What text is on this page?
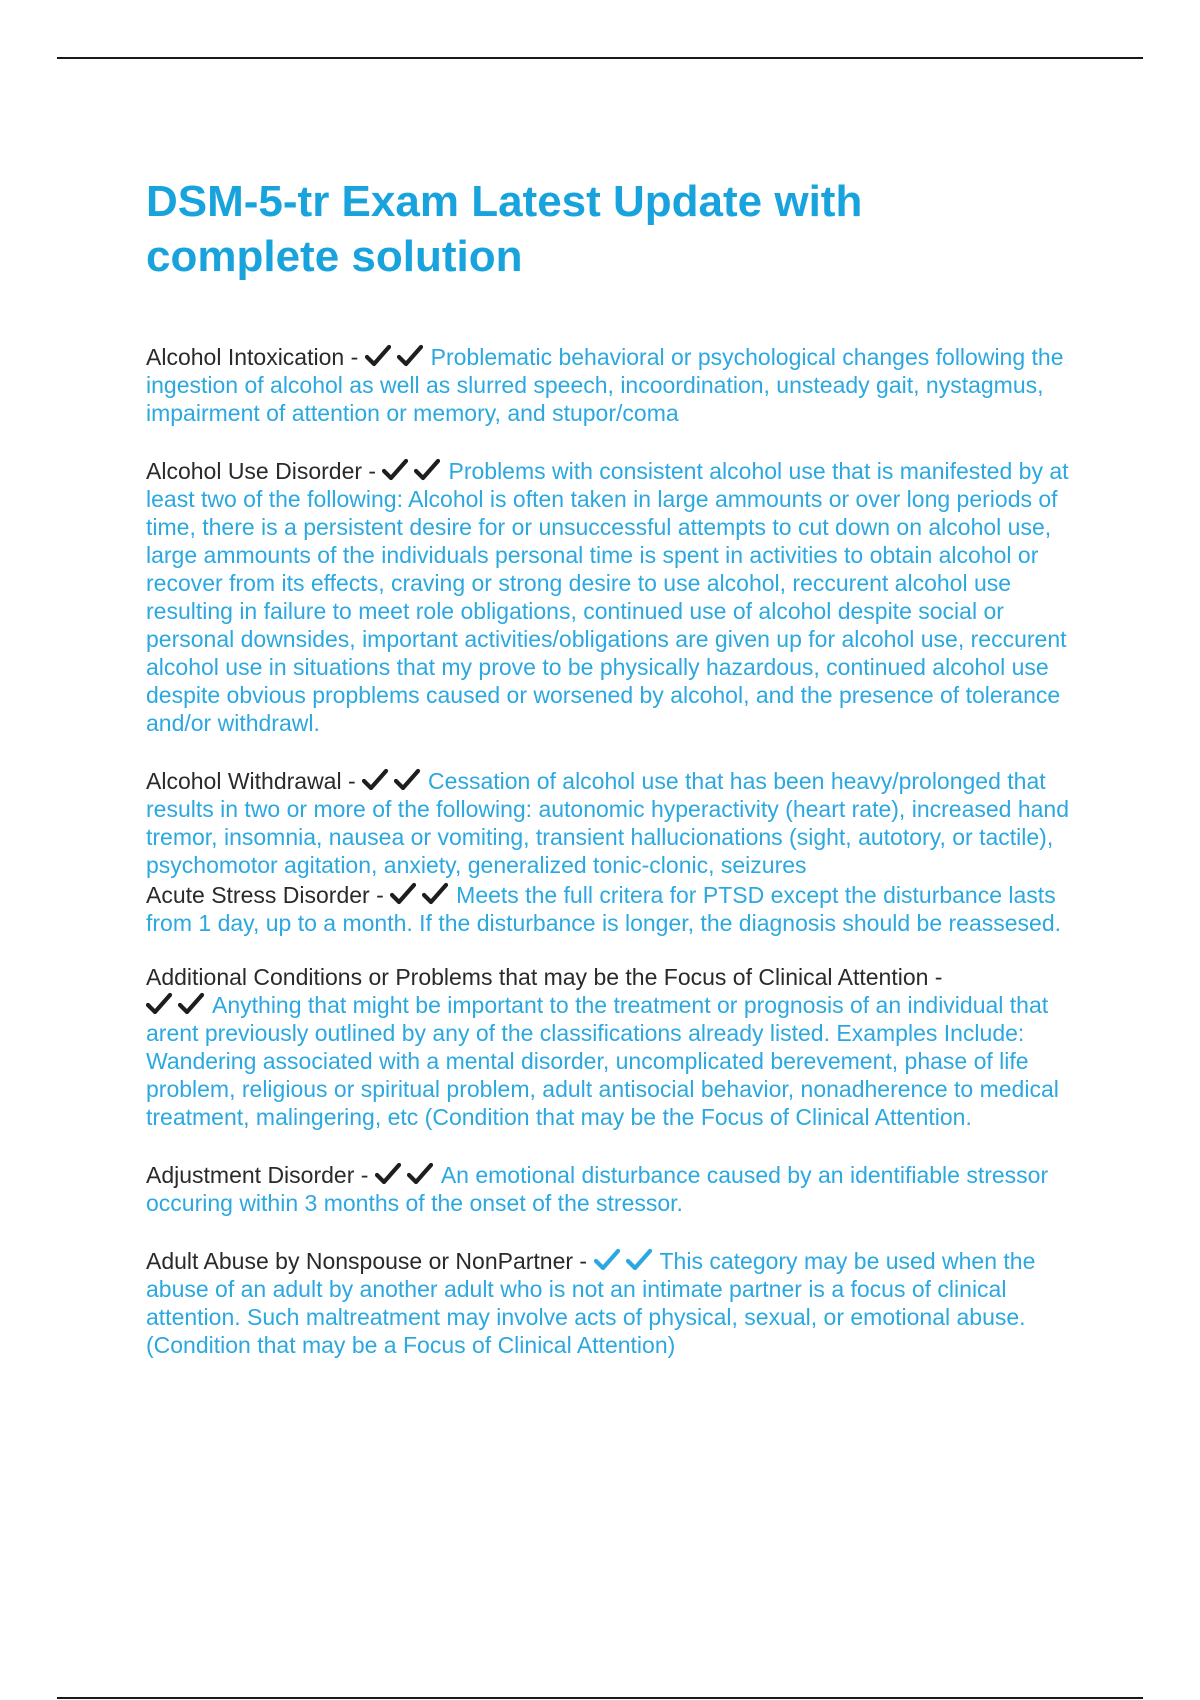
DSM-5-tr Exam Latest Update with complete solution

Alcohol Intoxication -	Problematic behavioral or psychological changes following the ingestion of alcohol as well as slurred speech, incoordination, unsteady gait, nystagmus, impairment of attention or memory, and stupor/coma

Alcohol Use Disorder -	Problems with consistent alcohol use that is manifested by at least two of the following: Alcohol is often taken in large ammounts or over long periods of time, there is a persistent desire for or unsuccessful attempts to cut down on alcohol use, large ammounts of the individuals personal time is spent in activities to obtain alcohol or recover from its effects, craving or strong desire to use alcohol, reccurent alcohol use resulting in failure to meet role obligations, continued use of alcohol despite social or personal downsides, important activities/obligations are given up for alcohol use, reccurent alcohol use in situations that my prove to be physically hazardous, continued alcohol use despite obvious propblems caused or worsened by alcohol, and the presence of tolerance and/or withdrawl.

Alcohol Withdrawal -	Cessation of alcohol use that has been heavy/prolonged that results in two or more of the following: autonomic hyperactivity (heart rate), increased hand tremor, insomnia, nausea or vomiting, transient hallucionations (sight, autotory, or tactile), psychomotor agitation, anxiety, generalized tonic-clonic, seizures

Acute Stress Disorder -	Meets the full critera for PTSD except the disturbance lasts from 1 day, up to a month. If the disturbance is longer, the diagnosis should be reassesed.

Additional Conditions or Problems that may be the Focus of Clinical Attention -

Anything that might be important to the treatment or prognosis of an individual that arent previously outlined by any of the classifications already listed. Examples Include: Wandering associated with a mental disorder, uncomplicated berevement, phase of life problem, religious or spiritual problem, adult antisocial behavior, nonadherence to medical treatment, malingering, etc (Condition that may be the Focus of Clinical Attention.

Adjustment Disorder -	An emotional disturbance caused by an identifiable stressor occuring within 3 months of the onset of the stressor.

Adult Abuse by Nonspouse or NonPartner -	This category may be used when the abuse of an adult by another adult who is not an intimate partner is a focus of clinical attention. Such maltreatment may involve acts of physical, sexual, or emotional abuse. (Condition that may be a Focus of Clinical Attention)
